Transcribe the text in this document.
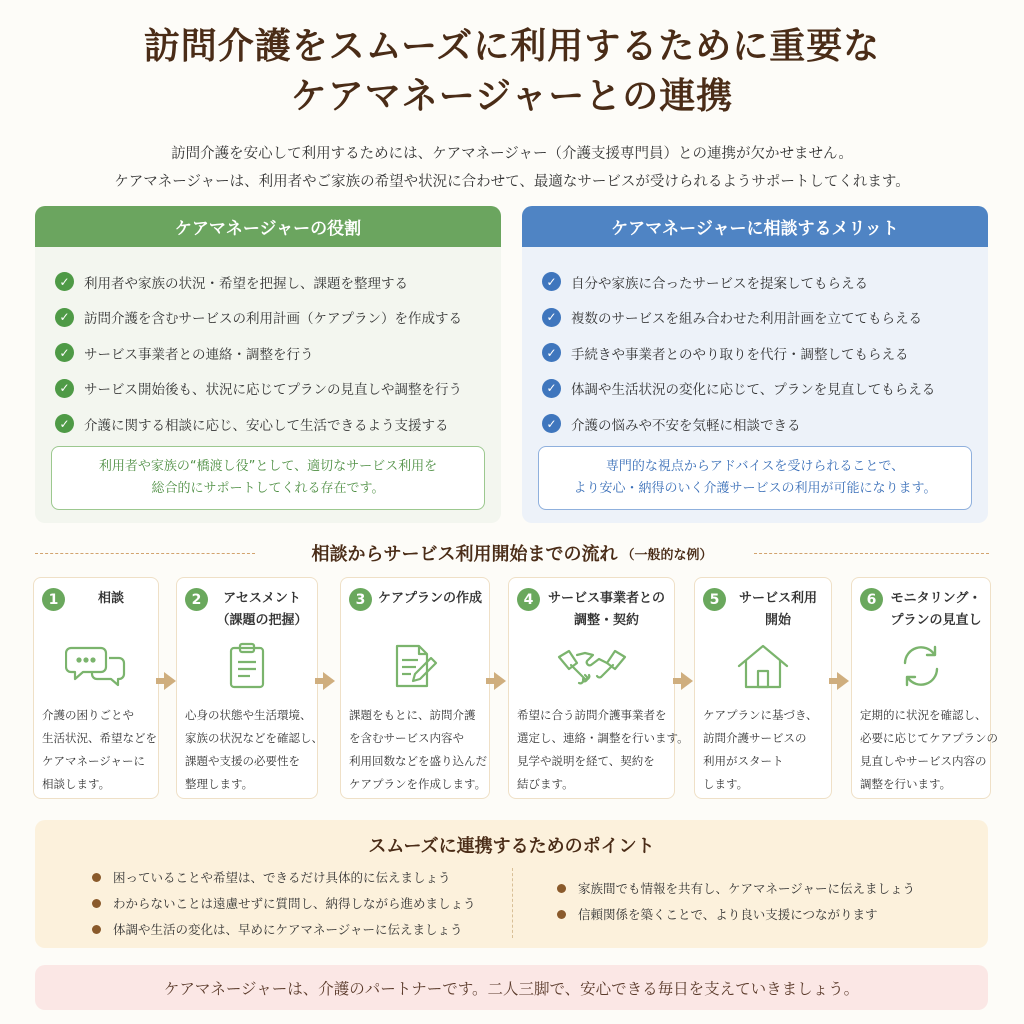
訪問介護をスムーズに利用するために重要な
ケアマネージャーとの連携
訪問介護を安心して利用するためには、ケアマネージャー（介護支援専門員）との連携が欠かせません。
ケアマネージャーは、利用者やご家族の希望や状況に合わせて、最適なサービスが受けられるようサポートしてくれます。
ケアマネージャーの役割
✓	利用者や家族の状況・希望を把握し、課題を整理する
✓	訪問介護を含むサービスの利用計画（ケアプラン）を作成する
✓	サービス事業者との連絡・調整を行う
✓	サービス開始後も、状況に応じてプランの見直しや調整を行う
✓	介護に関する相談に応じ、安心して生活できるよう支援する
利用者や家族の“橋渡し役”として、適切なサービス利用を
総合的にサポートしてくれる存在です。
ケアマネージャーに相談するメリット
✓	自分や家族に合ったサービスを提案してもらえる
✓	複数のサービスを組み合わせた利用計画を立ててもらえる
✓	手続きや事業者とのやり取りを代行・調整してもらえる
✓	体調や生活状況の変化に応じて、プランを見直してもらえる
✓	介護の悩みや不安を気軽に相談できる
専門的な視点からアドバイスを受けられることで、
より安心・納得のいく介護サービスの利用が可能になります。
相談からサービス利用開始までの流れ （一般的な例）
1	相談
介護の困りごとや
生活状況、希望などを
ケアマネージャーに
相談します。
2	アセスメント
（課題の把握）
心身の状態や生活環境、
家族の状況などを確認し、
課題や支援の必要性を
整理します。
3 ケアプランの作成
課題をもとに、訪問介護
を含むサービス内容や
利用回数などを盛り込んだ
ケアプランを作成します。
4	サービス事業者との
調整・契約
希望に合う訪問介護事業者を
選定し、連絡・調整を行います。
見学や説明を経て、契約を
結びます。
5	サービス利用
開始
ケアプランに基づき、
訪問介護サービスの
利用がスタート
します。
6	モニタリング・
プランの見直し
定期的に状況を確認し、
必要に応じてケアプランの
見直しやサービス内容の
調整を行います。
スムーズに連携するためのポイント
困っていることや希望は、できるだけ具体的に伝えましょう
わからないことは遠慮せずに質問し、納得しながら進めましょう
体調や生活の変化は、早めにケアマネージャーに伝えましょう
家族間でも情報を共有し、ケアマネージャーに伝えましょう
信頼関係を築くことで、より良い支援につながります
ケアマネージャーは、介護のパートナーです。二人三脚で、安心できる毎日を支えていきましょう。
